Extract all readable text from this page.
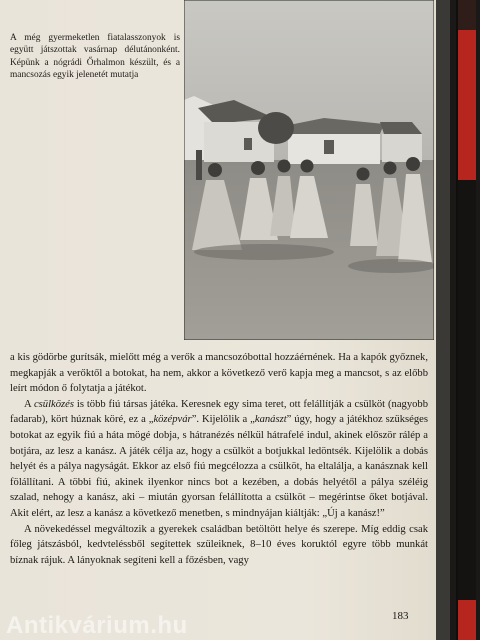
A még gyermeketlen fiatalasszonyok is együtt játszottak vasárnap délutánonként. Képünk a nógrádi Őrhalmon készült, és a mancsozás egyik jelenetét mutatja

a kis gödörbe gurítsák, mielőtt még a verők a mancsozóbottal hozzáérnének. Ha a kapók győznek, megkapják a verőktől a botokat, ha nem, akkor a következő verő kapja meg a mancsot, s az előbb leírt módon ő folytatja a játékot.

A csülközés is több fiú társas játéka. Keresnek egy sima teret, ott felállítják a csülköt (nagyobb fadarab), kört húznak köré, ez a „középvár”. Kijelölik a „kanászt” úgy, hogy a játékhoz szükséges botokat az egyik fiú a háta mögé dobja, s hátranézés nélkül hátrafelé indul, akinek először rálép a botjára, az lesz a kanász. A játék célja az, hogy a csülköt a botjukkal ledöntsék. Kijelölik a dobás helyét és a pálya nagyságát. Ekkor az első fiú megcélozza a csülköt, ha eltalálja, a kanásznak kell fölállítani. A többi fiú, akinek ilyenkor nincs bot a kezében, a dobás helyétől a pálya széléig szalad, nehogy a kanász, aki – miután gyorsan felállította a csülköt – megérintse őket botjával. Akit elért, az lesz a kanász a következő menetben, s mindnyájan kiáltják: „Új a kanász!”

A növekedéssel megváltozik a gyerekek családban betöltött helye és szerepe. Míg eddig csak főleg játszásból, kedvteléssből segítettek szüleiknek, 8–10 éves koruktól egyre több munkát bíznak rájuk. A lányoknak segíteni kell a főzésben, vagy

183
Antikvárium.hu
